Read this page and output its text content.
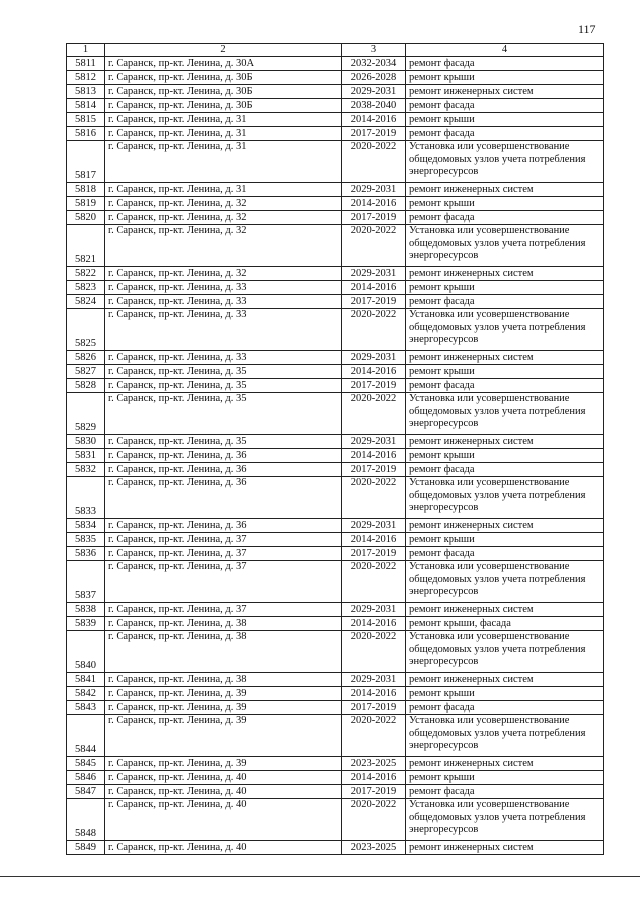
117
1	2	3	4
5811	г. Саранск, пр-кт. Ленина, д. 30А	2032-2034	ремонт фасада
5812	г. Саранск, пр-кт. Ленина, д. 30Б	2026-2028	ремонт крыши
5813	г. Саранск, пр-кт. Ленина, д. 30Б	2029-2031	ремонт инженерных систем
5814	г. Саранск, пр-кт. Ленина, д. 30Б	2038-2040	ремонт фасада
5815	г. Саранск, пр-кт. Ленина, д. 31	2014-2016	ремонт крыши
5816	г. Саранск, пр-кт. Ленина, д. 31	2017-2019	ремонт фасада
5817	г. Саранск, пр-кт. Ленина, д. 31	2020-2022	Установка или усовершенствование общедомовых узлов учета потребления энергоресурсов
5818	г. Саранск, пр-кт. Ленина, д. 31	2029-2031	ремонт инженерных систем
5819	г. Саранск, пр-кт. Ленина, д. 32	2014-2016	ремонт крыши
5820	г. Саранск, пр-кт. Ленина, д. 32	2017-2019	ремонт фасада
5821	г. Саранск, пр-кт. Ленина, д. 32	2020-2022	Установка или усовершенствование общедомовых узлов учета потребления энергоресурсов
5822	г. Саранск, пр-кт. Ленина, д. 32	2029-2031	ремонт инженерных систем
5823	г. Саранск, пр-кт. Ленина, д. 33	2014-2016	ремонт крыши
5824	г. Саранск, пр-кт. Ленина, д. 33	2017-2019	ремонт фасада
5825	г. Саранск, пр-кт. Ленина, д. 33	2020-2022	Установка или усовершенствование общедомовых узлов учета потребления энергоресурсов
5826	г. Саранск, пр-кт. Ленина, д. 33	2029-2031	ремонт инженерных систем
5827	г. Саранск, пр-кт. Ленина, д. 35	2014-2016	ремонт крыши
5828	г. Саранск, пр-кт. Ленина, д. 35	2017-2019	ремонт фасада
5829	г. Саранск, пр-кт. Ленина, д. 35	2020-2022	Установка или усовершенствование общедомовых узлов учета потребления энергоресурсов
5830	г. Саранск, пр-кт. Ленина, д. 35	2029-2031	ремонт инженерных систем
5831	г. Саранск, пр-кт. Ленина, д. 36	2014-2016	ремонт крыши
5832	г. Саранск, пр-кт. Ленина, д. 36	2017-2019	ремонт фасада
5833	г. Саранск, пр-кт. Ленина, д. 36	2020-2022	Установка или усовершенствование общедомовых узлов учета потребления энергоресурсов
5834	г. Саранск, пр-кт. Ленина, д. 36	2029-2031	ремонт инженерных систем
5835	г. Саранск, пр-кт. Ленина, д. 37	2014-2016	ремонт крыши
5836	г. Саранск, пр-кт. Ленина, д. 37	2017-2019	ремонт фасада
5837	г. Саранск, пр-кт. Ленина, д. 37	2020-2022	Установка или усовершенствование общедомовых узлов учета потребления энергоресурсов
5838	г. Саранск, пр-кт. Ленина, д. 37	2029-2031	ремонт инженерных систем
5839	г. Саранск, пр-кт. Ленина, д. 38	2014-2016	ремонт крыши, фасада
5840	г. Саранск, пр-кт. Ленина, д. 38	2020-2022	Установка или усовершенствование общедомовых узлов учета потребления энергоресурсов
5841	г. Саранск, пр-кт. Ленина, д. 38	2029-2031	ремонт инженерных систем
5842	г. Саранск, пр-кт. Ленина, д. 39	2014-2016	ремонт крыши
5843	г. Саранск, пр-кт. Ленина, д. 39	2017-2019	ремонт фасада
5844	г. Саранск, пр-кт. Ленина, д. 39	2020-2022	Установка или усовершенствование общедомовых узлов учета потребления энергоресурсов
5845	г. Саранск, пр-кт. Ленина, д. 39	2023-2025	ремонт инженерных систем
5846	г. Саранск, пр-кт. Ленина, д. 40	2014-2016	ремонт крыши
5847	г. Саранск, пр-кт. Ленина, д. 40	2017-2019	ремонт фасада
5848	г. Саранск, пр-кт. Ленина, д. 40	2020-2022	Установка или усовершенствование общедомовых узлов учета потребления энергоресурсов
5849	г. Саранск, пр-кт. Ленина, д. 40	2023-2025	ремонт инженерных систем
